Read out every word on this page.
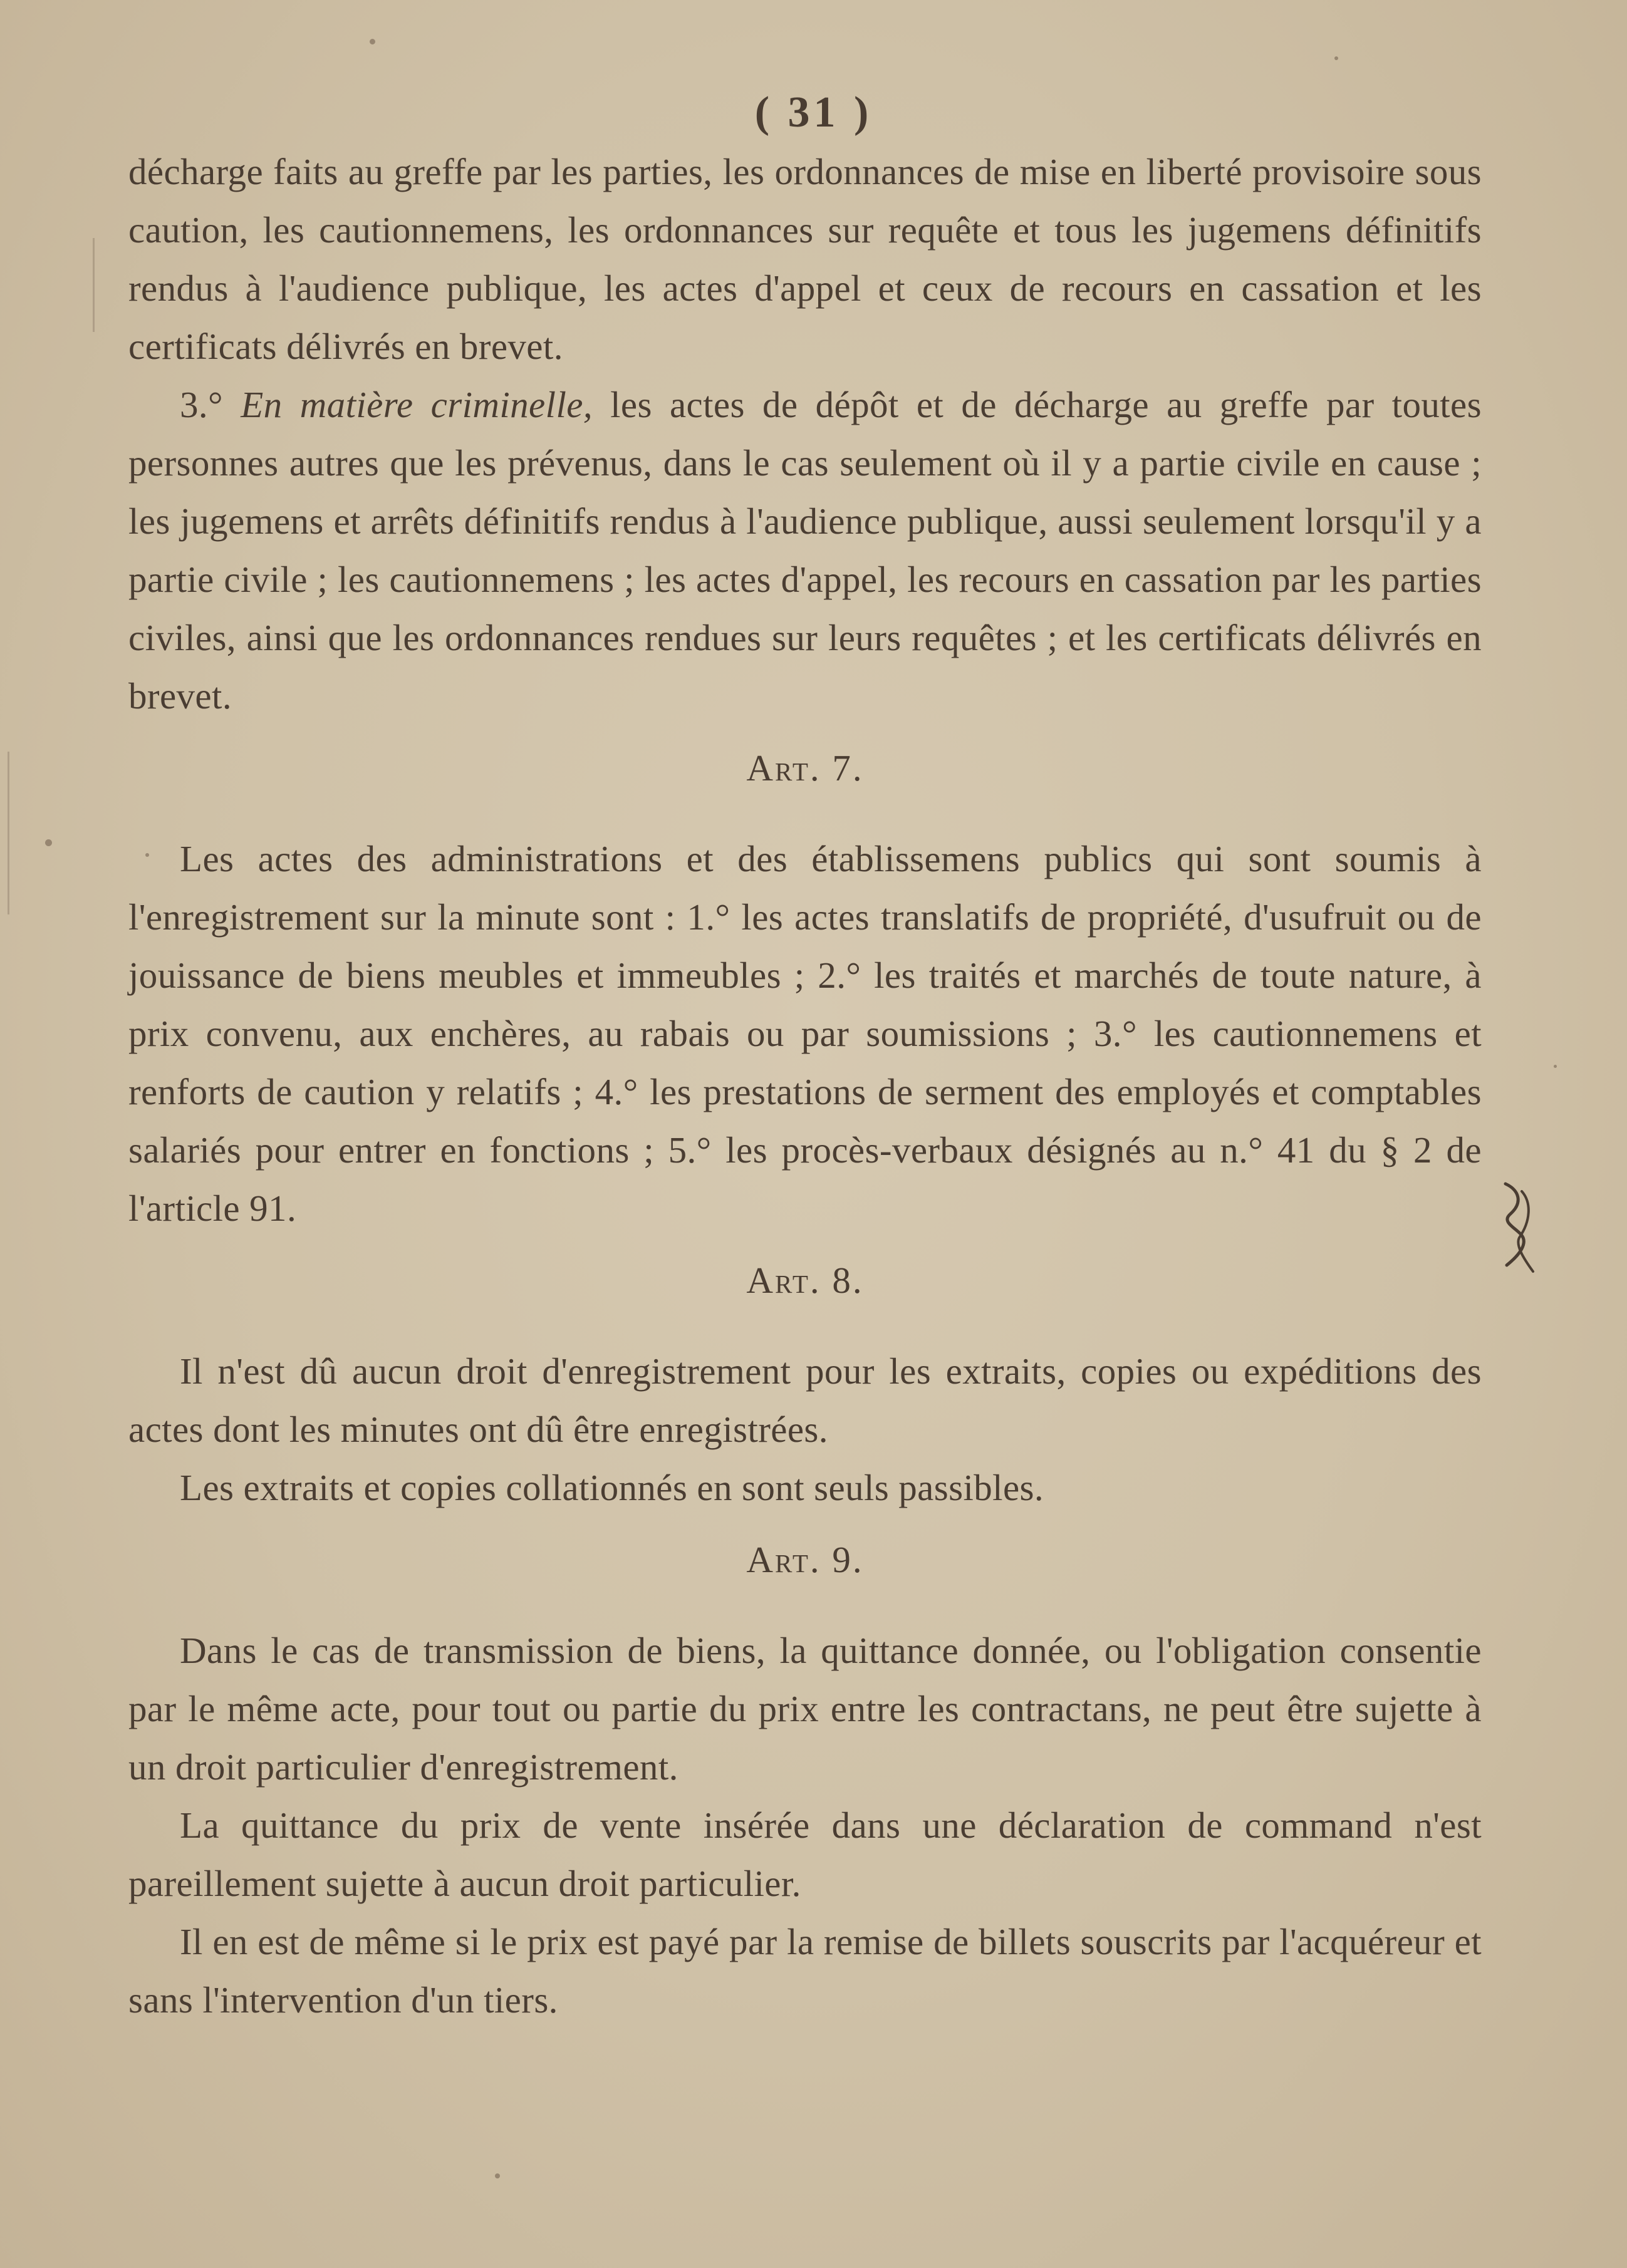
( 31 )

décharge faits au greffe par les parties, les ordonnances de mise en liberté provisoire sous caution, les cautionnemens, les ordonnances sur requête et tous les jugemens définitifs rendus à l'audience publique, les actes d'appel et ceux de recours en cassation et les certificats délivrés en brevet.

3.° En matière criminelle, les actes de dépôt et de décharge au greffe par toutes personnes autres que les prévenus, dans le cas seulement où il y a partie civile en cause ; les jugemens et arrêts définitifs rendus à l'audience publique, aussi seulement lorsqu'il y a partie civile ; les cautionnemens ; les actes d'appel, les recours en cassation par les parties civiles, ainsi que les ordonnances rendues sur leurs requêtes ; et les certificats délivrés en brevet.

Art. 7.

Les actes des administrations et des établissemens publics qui sont soumis à l'enregistrement sur la minute sont : 1.° les actes translatifs de propriété, d'usufruit ou de jouissance de biens meubles et immeubles ; 2.° les traités et marchés de toute nature, à prix convenu, aux enchères, au rabais ou par soumissions ; 3.° les cautionnemens et renforts de caution y relatifs ; 4.° les prestations de serment des employés et comptables salariés pour entrer en fonctions ; 5.° les procès-verbaux désignés au n.° 41 du § 2 de l'article 91.

Art. 8.

Il n'est dû aucun droit d'enregistrement pour les extraits, copies ou expéditions des actes dont les minutes ont dû être enregistrées.

Les extraits et copies collationnés en sont seuls passibles.

Art. 9.

Dans le cas de transmission de biens, la quittance donnée, ou l'obligation consentie par le même acte, pour tout ou partie du prix entre les contractans, ne peut être sujette à un droit particulier d'enregistrement.

La quittance du prix de vente insérée dans une déclaration de command n'est pareillement sujette à aucun droit particulier.

Il en est de même si le prix est payé par la remise de billets souscrits par l'acquéreur et sans l'intervention d'un tiers.
